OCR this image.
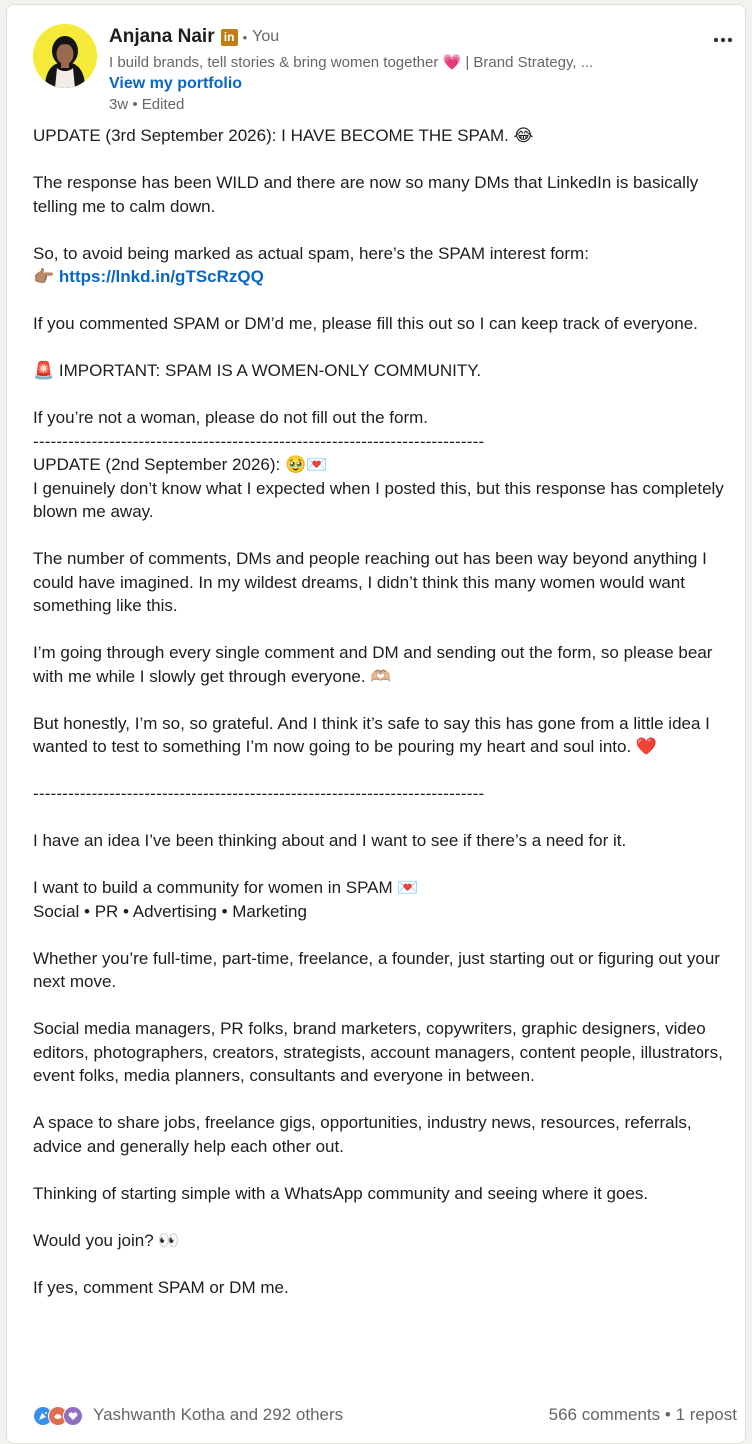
Anjana Nair in • You
I build brands, tell stories & bring women together 💗 | Brand Strategy, ...
View my portfolio
3w • Edited

UPDATE (3rd September 2026): I HAVE BECOME THE SPAM. 😂

The response has been WILD and there are now so many DMs that LinkedIn is basically telling me to calm down.

So, to avoid being marked as actual spam, here’s the SPAM interest form:

👉🏽 https://lnkd.in/gTScRzQQ

If you commented SPAM or DM’d me, please fill this out so I can keep track of everyone.

🚨 IMPORTANT: SPAM IS A WOMEN-ONLY COMMUNITY.

If you’re not a woman, please do not fill out the form.

-----------------------------------------------------------------------------

UPDATE (2nd September 2026): 🥹💌

I genuinely don’t know what I expected when I posted this, but this response has completely blown me away.

The number of comments, DMs and people reaching out has been way beyond anything I could have imagined. In my wildest dreams, I didn’t think this many women would want something like this.

I’m going through every single comment and DM and sending out the form, so please bear with me while I slowly get through everyone. 🫶🏼

But honestly, I’m so, so grateful. And I think it’s safe to say this has gone from a little idea I wanted to test to something I’m now going to be pouring my heart and soul into. ❤️

-----------------------------------------------------------------------------

I have an idea I’ve been thinking about and I want to see if there’s a need for it.

I want to build a community for women in SPAM 💌

Social • PR • Advertising • Marketing

Whether you’re full-time, part-time, freelance, a founder, just starting out or figuring out your next move.

Social media managers, PR folks, brand marketers, copywriters, graphic designers, video editors, photographers, creators, strategists, account managers, content people, illustrators, event folks, media planners, consultants and everyone in between.

A space to share jobs, freelance gigs, opportunities, industry news, resources, referrals, advice and generally help each other out.

Thinking of starting simple with a WhatsApp community and seeing where it goes.

Would you join? 👀

If yes, comment SPAM or DM me.

Yashwanth Kotha and 292 others	566 comments • 1 repost
